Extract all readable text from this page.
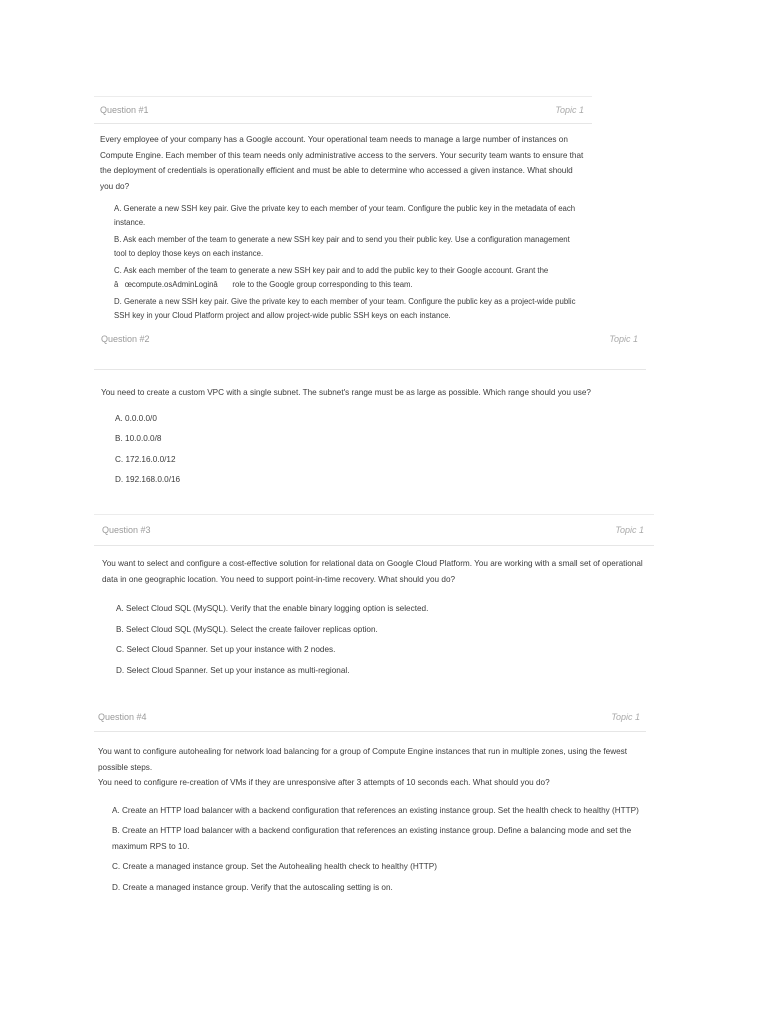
Question #1	Topic 1
Every employee of your company has a Google account. Your operational team needs to manage a large number of instances on Compute Engine. Each member of this team needs only administrative access to the servers. Your security team wants to ensure that the deployment of credentials is operationally efficient and must be able to determine who accessed a given instance. What should you do?
A. Generate a new SSH key pair. Give the private key to each member of your team. Configure the public key in the metadata of each instance.
B. Ask each member of the team to generate a new SSH key pair and to send you their public key. Use a configuration management tool to deploy those keys on each instance.
C. Ask each member of the team to generate a new SSH key pair and to add the public key to their Google account. Grant the âœcompute.osAdminLoginâ role to the Google group corresponding to this team.
D. Generate a new SSH key pair. Give the private key to each member of your team. Configure the public key as a project-wide public SSH key in your Cloud Platform project and allow project-wide public SSH keys on each instance.
Question #2	Topic 1
You need to create a custom VPC with a single subnet. The subnet's range must be as large as possible. Which range should you use?
A. 0.0.0.0/0
B. 10.0.0.0/8
C. 172.16.0.0/12
D. 192.168.0.0/16
Question #3	Topic 1
You want to select and configure a cost-effective solution for relational data on Google Cloud Platform. You are working with a small set of operational data in one geographic location. You need to support point-in-time recovery. What should you do?
A. Select Cloud SQL (MySQL). Verify that the enable binary logging option is selected.
B. Select Cloud SQL (MySQL). Select the create failover replicas option.
C. Select Cloud Spanner. Set up your instance with 2 nodes.
D. Select Cloud Spanner. Set up your instance as multi-regional.
Question #4	Topic 1
You want to configure autohealing for network load balancing for a group of Compute Engine instances that run in multiple zones, using the fewest possible steps.
You need to configure re-creation of VMs if they are unresponsive after 3 attempts of 10 seconds each. What should you do?
A. Create an HTTP load balancer with a backend configuration that references an existing instance group. Set the health check to healthy (HTTP)
B. Create an HTTP load balancer with a backend configuration that references an existing instance group. Define a balancing mode and set the maximum RPS to 10.
C. Create a managed instance group. Set the Autohealing health check to healthy (HTTP)
D. Create a managed instance group. Verify that the autoscaling setting is on.
